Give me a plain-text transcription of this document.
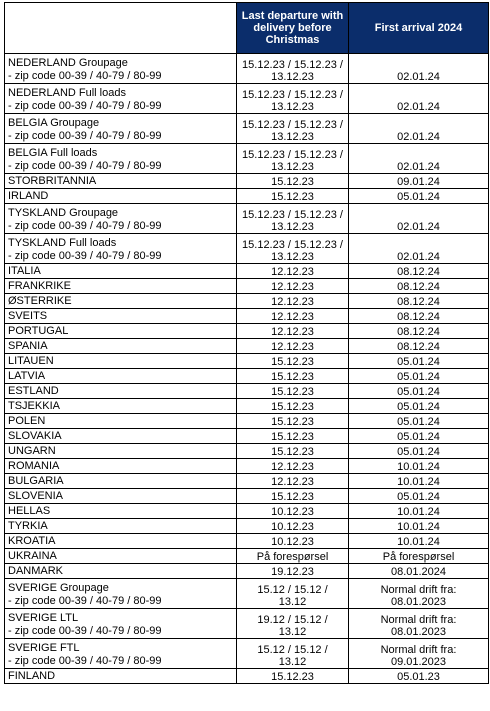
	Last departure with delivery before Christmas	First arrival 2024

NEDERLAND Groupage
- zip code 00-39 / 40-79 / 80-99	15.12.23 / 15.12.23 /
13.12.23	02.01.24

NEDERLAND Full loads
- zip code 00-39 / 40-79 / 80-99	15.12.23 / 15.12.23 /
13.12.23	02.01.24

BELGIA Groupage
- zip code 00-39 / 40-79 / 80-99	15.12.23 / 15.12.23 /
13.12.23	02.01.24

BELGIA Full loads
- zip code 00-39 / 40-79 / 80-99	15.12.23 / 15.12.23 /
13.12.23	02.01.24

STORBRITANNIA	15.12.23	09.01.24

IRLAND	15.12.23	05.01.24

TYSKLAND Groupage
- zip code 00-39 / 40-79 / 80-99	15.12.23 / 15.12.23 /
13.12.23	02.01.24

TYSKLAND Full loads
- zip code 00-39 / 40-79 / 80-99	15.12.23 / 15.12.23 /
13.12.23	02.01.24

ITALIA	12.12.23	08.12.24

FRANKRIKE	12.12.23	08.12.24

ØSTERRIKE	12.12.23	08.12.24

SVEITS	12.12.23	08.12.24

PORTUGAL	12.12.23	08.12.24

SPANIA	12.12.23	08.12.24

LITAUEN	15.12.23	05.01.24

LATVIA	15.12.23	05.01.24

ESTLAND	15.12.23	05.01.24

TSJEKKIA	15.12.23	05.01.24

POLEN	15.12.23	05.01.24

SLOVAKIA	15.12.23	05.01.24

UNGARN	15.12.23	05.01.24

ROMANIA	12.12.23	10.01.24

BULGARIA	12.12.23	10.01.24

SLOVENIA	15.12.23	05.01.24

HELLAS	10.12.23	10.01.24

TYRKIA	10.12.23	10.01.24

KROATIA	10.12.23	10.01.24

UKRAINA	På forespørsel	På forespørsel

DANMARK	19.12.23	08.01.2024

SVERIGE Groupage
- zip code 00-39 / 40-79 / 80-99	15.12 / 15.12 /
13.12	Normal drift fra:
08.01.2023

SVERIGE LTL
- zip code 00-39 / 40-79 / 80-99	19.12 / 15.12 /
13.12	Normal drift fra:
08.01.2023

SVERIGE FTL
- zip code 00-39 / 40-79 / 80-99	15.12 / 15.12 /
13.12	Normal drift fra:
09.01.2023

FINLAND	15.12.23	05.01.23
